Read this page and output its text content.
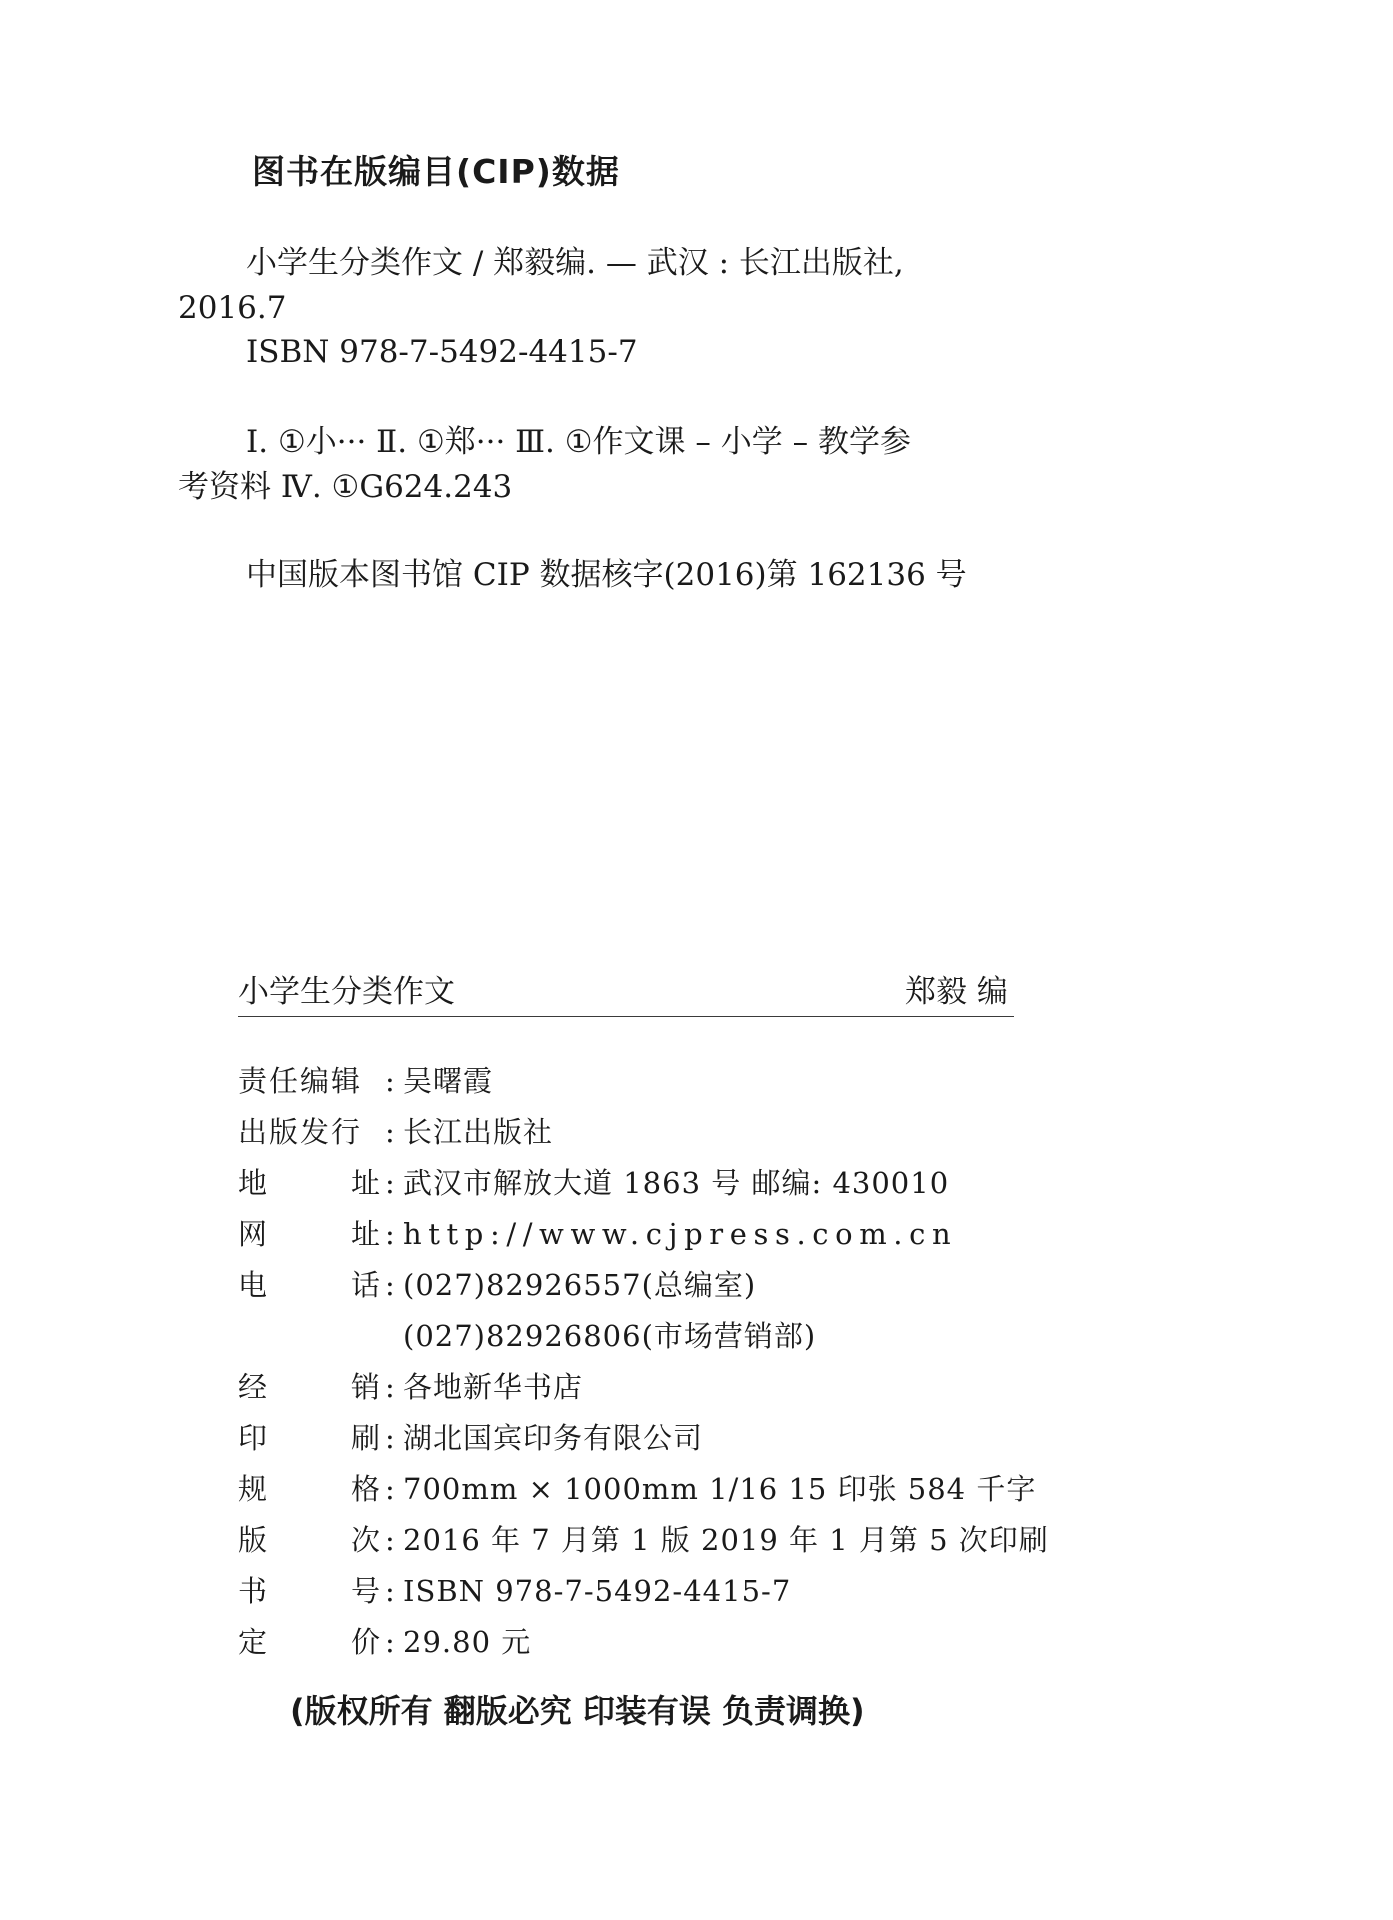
图书在版编目(CIP)数据
小学生分类作文 / 郑毅编. — 武汉 : 长江出版社,
2016.7
ISBN 978-7-5492-4415-7
Ⅰ. ①小··· Ⅱ. ①郑··· Ⅲ. ①作文课 – 小学 – 教学参
考资料 Ⅳ. ①G624.243
中国版本图书馆 CIP 数据核字(2016)第 162136 号
小学生分类作文	郑毅 编
责任编辑 : 吴曙霞
出版发行 : 长江出版社
地	址 : 武汉市解放大道 1863 号 邮编: 430010
网	址 : http://www.cjpress.com.cn
电	话 : (027)82926557(总编室)
(027)82926806(市场营销部)
经	销 : 各地新华书店
印	刷 : 湖北国宾印务有限公司
规	格 : 700mm × 1000mm 1/16 15 印张 584 千字
版	次 : 2016 年 7 月第 1 版 2019 年 1 月第 5 次印刷
书	号 : ISBN 978-7-5492-4415-7
定	价 : 29.80 元
(版权所有 翻版必究 印装有误 负责调换)
